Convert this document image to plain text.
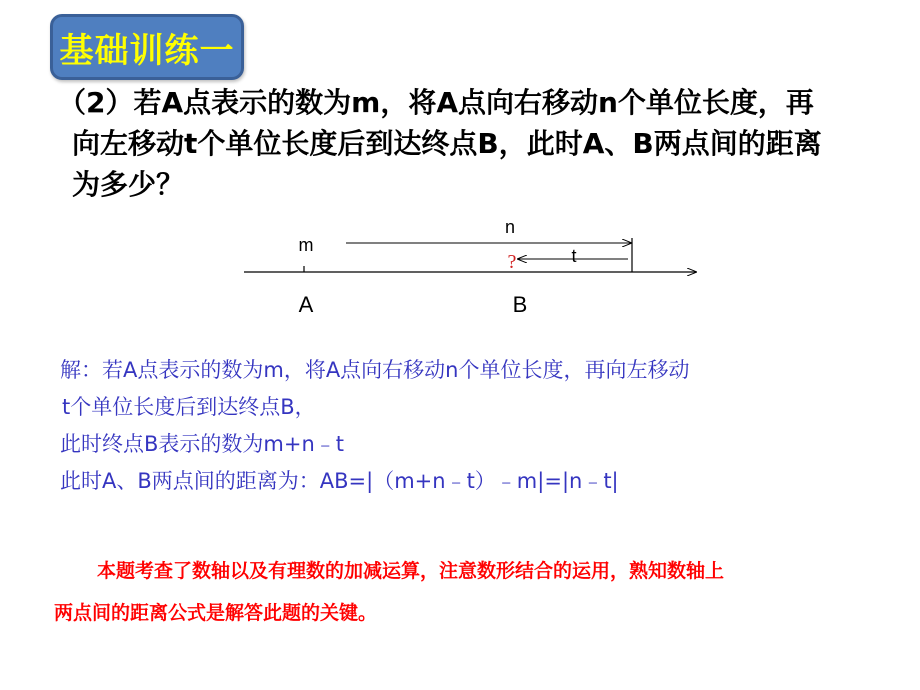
基础训练一
（2）若A点表示的数为m，将A点向右移动n个单位长度，再
向左移动t个单位长度后到达终点B，此时A、B两点间的距离
为多少？
m
n
t
?
A	B
解：若A点表示的数为m，将A点向右移动n个单位长度，再向左移动
t个单位长度后到达终点B，
此时终点B表示的数为m+n﹣t
此时A、B两点间的距离为：AB=|（m+n﹣t）﹣m|=|n﹣t|
本题考查了数轴以及有理数的加减运算，注意数形结合的运用，熟知数轴上
两点间的距离公式是解答此题的关键。
